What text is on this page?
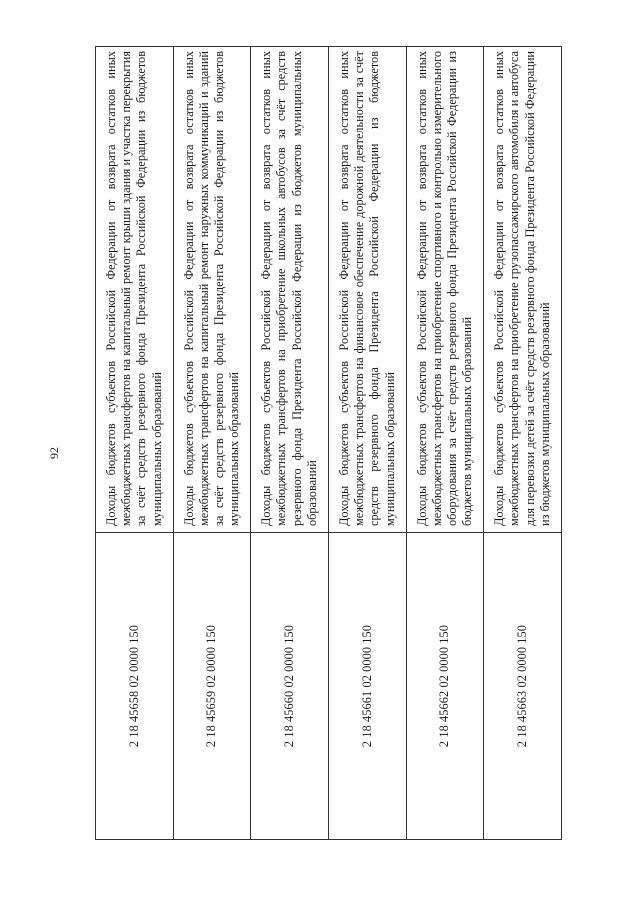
92
2 18 45658 02 0000 150	Доходы бюджетов субъектов Российской Федерации от возврата остатков иных межбюджетных трансфертов на капитальный ремонт крыши здания и участка перекрытия за счёт средств резервного фонда Президента Российской Федерации из бюджетов муниципальных образований

2 18 45659 02 0000 150	Доходы бюджетов субъектов Российской Федерации от возврата остатков иных межбюджетных трансфертов на капитальный ремонт наружных коммуникаций и зданий за счёт средств резервного фонда Президента Российской Федерации из бюджетов муниципальных образований

2 18 45660 02 0000 150	Доходы бюджетов субъектов Российской Федерации от возврата остатков иных межбюджетных трансфертов на приобретение школьных автобусов за счёт средств резервного фонда Президента Российской Федерации из бюджетов муниципальных образований

2 18 45661 02 0000 150	Доходы бюджетов субъектов Российской Федерации от возврата остатков иных межбюджетных трансфертов на финансовое обеспечение дорожной деятельности за счёт средств резервного фонда Президента Российской Федерации из бюджетов муниципальных образований

2 18 45662 02 0000 150	Доходы бюджетов субъектов Российской Федерации от возврата остатков иных межбюджетных трансфертов на приобретение спортивного и контрольно измерительного оборудования за счёт средств резервного фонда Президента Российской Федерации из бюджетов муниципальных образований

2 18 45663 02 0000 150	Доходы бюджетов субъектов Российской Федерации от возврата остатков иных межбюджетных трансфертов на приобретение грузопассажирского автомобиля и автобуса для перевозки детей за счёт средств резервного фонда Президента Российской Федерации из бюджетов муниципальных образований
